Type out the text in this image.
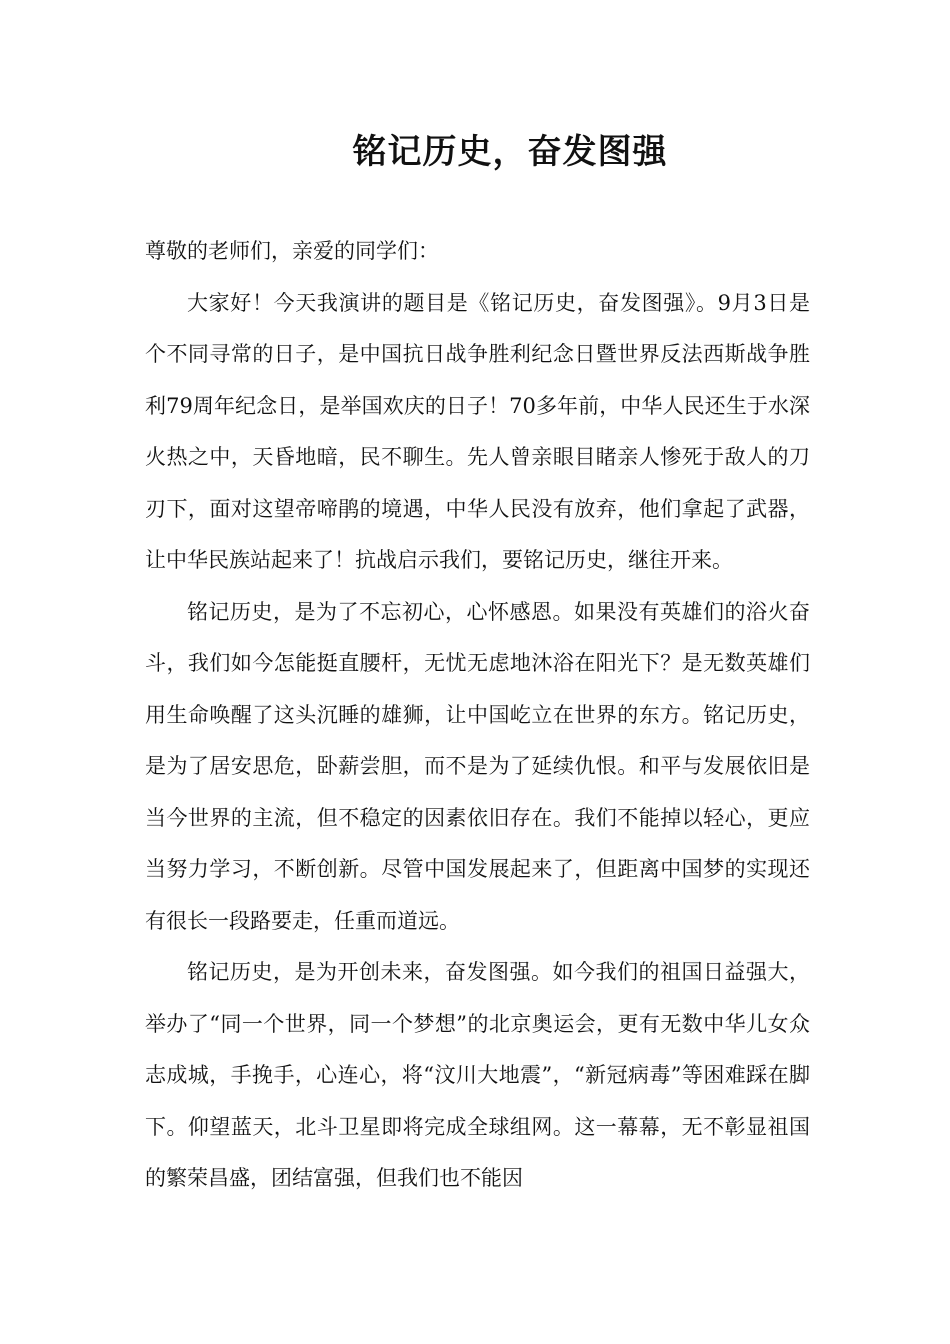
铭记历史，奋发图强

尊敬的老师们，亲爱的同学们：

大家好！今天我演讲的题目是《铭记历史，奋发图强》。9月3日是个不同寻常的日子，是中国抗日战争胜利纪念日暨世界反法西斯战争胜利79周年纪念日，是举国欢庆的日子！70多年前，中华人民还生于水深火热之中，天昏地暗，民不聊生。先人曾亲眼目睹亲人惨死于敌人的刀刃下，面对这望帝啼鹃的境遇，中华人民没有放弃，他们拿起了武器，让中华民族站起来了！抗战启示我们，要铭记历史，继往开来。

铭记历史，是为了不忘初心，心怀感恩。如果没有英雄们的浴火奋斗，我们如今怎能挺直腰杆，无忧无虑地沐浴在阳光下？是无数英雄们用生命唤醒了这头沉睡的雄狮，让中国屹立在世界的东方。铭记历史，是为了居安思危，卧薪尝胆，而不是为了延续仇恨。和平与发展依旧是当今世界的主流，但不稳定的因素依旧存在。我们不能掉以轻心，更应当努力学习，不断创新。尽管中国发展起来了，但距离中国梦的实现还有很长一段路要走，任重而道远。

铭记历史，是为开创未来，奋发图强。如今我们的祖国日益强大，举办了“同一个世界，同一个梦想”的北京奥运会，更有无数中华儿女众志成城，手挽手，心连心，将“汶川大地震”，“新冠病毒”等困难踩在脚下。仰望蓝天，北斗卫星即将完成全球组网。这一幕幕，无不彰显祖国的繁荣昌盛，团结富强，但我们也不能因
